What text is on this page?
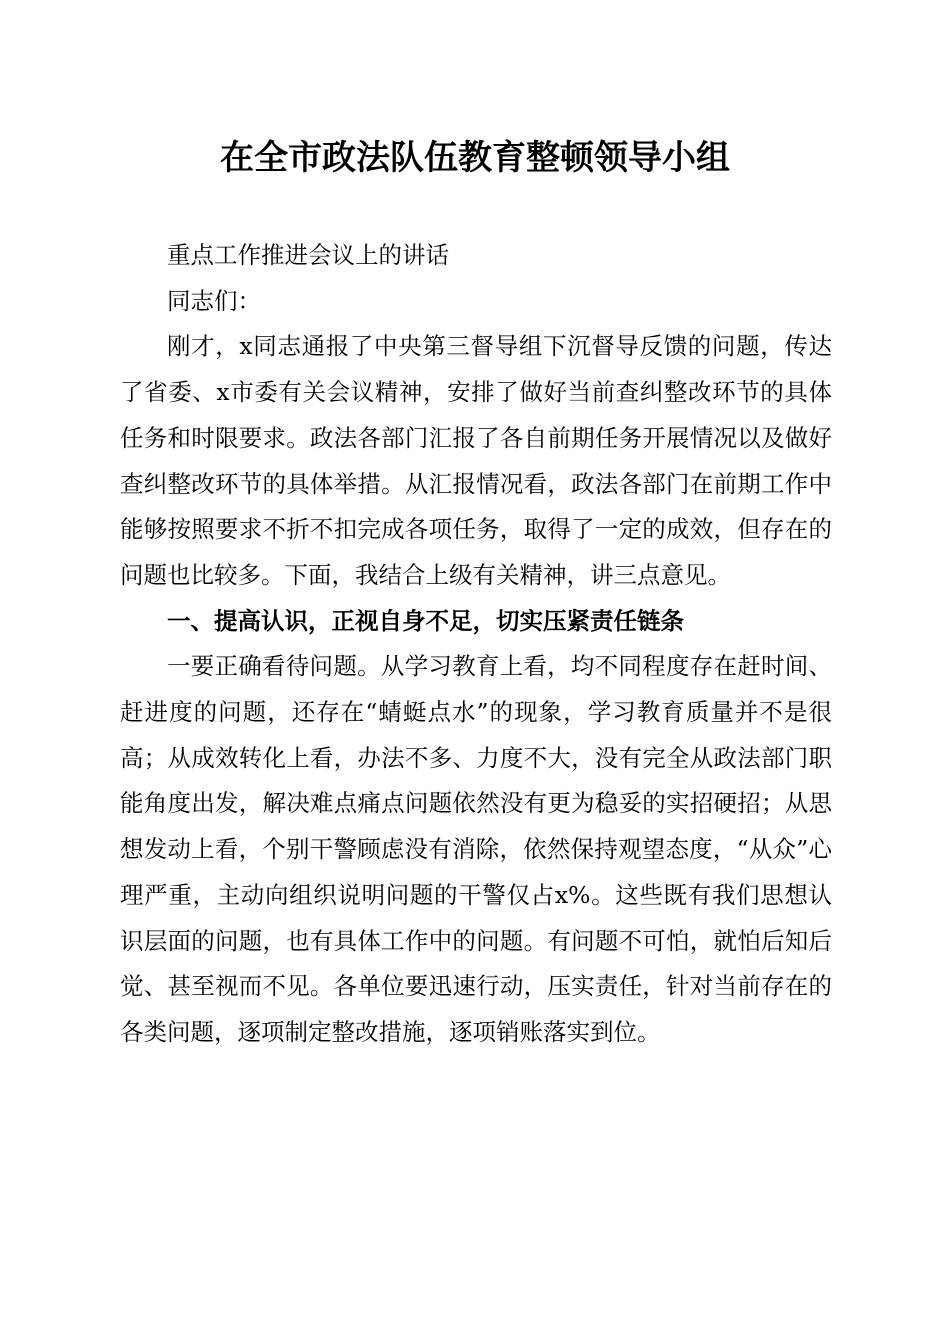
在全市政法队伍教育整顿领导小组

重点工作推进会议上的讲话

同志们：

刚才，x同志通报了中央第三督导组下沉督导反馈的问题，传达了省委、x市委有关会议精神，安排了做好当前查纠整改环节的具体任务和时限要求。政法各部门汇报了各自前期任务开展情况以及做好查纠整改环节的具体举措。从汇报情况看，政法各部门在前期工作中能够按照要求不折不扣完成各项任务，取得了一定的成效，但存在的问题也比较多。下面，我结合上级有关精神，讲三点意见。

一、提高认识，正视自身不足，切实压紧责任链条

一要正确看待问题。从学习教育上看，均不同程度存在赶时间、赶进度的问题，还存在“蜻蜓点水”的现象，学习教育质量并不是很高；从成效转化上看，办法不多、力度不大，没有完全从政法部门职能角度出发，解决难点痛点问题依然没有更为稳妥的实招硬招；从思想发动上看，个别干警顾虑没有消除，依然保持观望态度，“从众”心理严重，主动向组织说明问题的干警仅占x%。这些既有我们思想认识层面的问题，也有具体工作中的问题。有问题不可怕，就怕后知后觉、甚至视而不见。各单位要迅速行动，压实责任，针对当前存在的各类问题，逐项制定整改措施，逐项销账落实到位。
